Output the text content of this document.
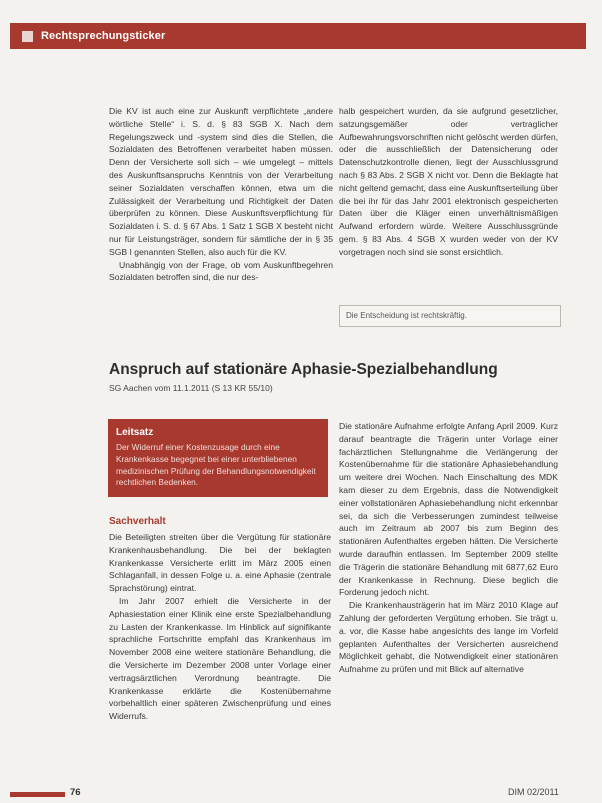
Rechtsprechungsticker

Die KV ist auch eine zur Auskunft verpflichtete „andere wörtliche Stelle“ i. S. d. § 83 SGB X. Nach dem Regelungszweck und -system sind dies die Stellen, die Sozialdaten des Betroffenen verarbeitet haben müssen. Denn der Versicherte soll sich – wie umgelegt – mittels des Auskunftsanspruchs Kenntnis von der Verarbeitung seiner Sozialdaten verschaffen können, etwa um die Zulässigkeit der Verarbeitung und Richtigkeit der Daten überprüfen zu können. Diese Auskunftsverpflichtung für Sozialdaten i. S. d. § 67 Abs. 1 Satz 1 SGB X besteht nicht nur für Leistungsträger, sondern für sämtliche der in § 35 SGB I genannten Stellen, also auch für die KV.

Unabhängig von der Frage, ob vom Auskunftbegehren Sozialdaten betroffen sind, die nur des-

halb gespeichert wurden, da sie aufgrund gesetzlicher, satzungsgemäßer oder vertraglicher Aufbewahrungsvorschriften nicht gelöscht werden dürfen, oder die ausschließlich der Datensicherung oder Datenschutzkontrolle dienen, liegt der Ausschlussgrund nach § 83 Abs. 2 SGB X nicht vor. Denn die Beklagte hat nicht geltend gemacht, dass eine Auskunftserteilung über die bei ihr für das Jahr 2001 elektronisch gespeicherten Daten über die Kläger einen unverhältnismäßigen Aufwand erfordern würde. Weitere Ausschlussgründe gem. § 83 Abs. 4 SGB X wurden weder von der KV vorgetragen noch sind sie sonst ersichtlich.

Die Entscheidung ist rechtskräftig.
Anspruch auf stationäre Aphasie-Spezialbehandlung
SG Aachen vom 11.1.2011 (S 13 KR 55/10)
Leitsatz

Der Widerruf einer Kostenzusage durch eine Krankenkasse begegnet bei einer unterbliebenen medizinischen Prüfung der Behandlungsnotwendigkeit rechtlichen Bedenken.

Sachverhalt

Die Beteiligten streiten über die Vergütung für stationäre Krankenhausbehandlung. Die bei der beklagten Krankenkasse Versicherte erlitt im März 2005 einen Schlaganfall, in dessen Folge u. a. eine Aphasie (zentrale Sprachstörung) eintrat.

Im Jahr 2007 erhielt die Versicherte in der Aphasiestation einer Klinik eine erste Spezialbehandlung zu Lasten der Krankenkasse. Im Hinblick auf signifikante sprachliche Fortschritte empfahl das Krankenhaus im November 2008 eine weitere stationäre Behandlung, die die Versicherte im Dezember 2008 unter Vorlage einer vertragsärztlichen Verordnung beantragte. Die Krankenkasse erklärte die Kostenübernahme vorbehaltlich einer späteren Zwischenprüfung und eines Widerrufs.

Die stationäre Aufnahme erfolgte Anfang April 2009. Kurz darauf beantragte die Trägerin unter Vorlage einer fachärztlichen Stellungnahme die Verlängerung der Kostenübernahme für die stationäre Aphasiebehandlung um weitere drei Wochen. Nach Einschaltung des MDK kam dieser zu dem Ergebnis, dass die Notwendigkeit einer vollstationären Aphasiebehandlung nicht erkennbar sei, da sich die Verbesserungen zumindest teilweise auch im Zeitraum ab 2007 bis zum Beginn des stationären Aufenthaltes ergeben hätten. Die Versicherte wurde daraufhin entlassen. Im September 2009 stellte die Trägerin die stationäre Behandlung mit 6877,62 Euro der Krankenkasse in Rechnung. Diese beglich die Forderung jedoch nicht.

Die Krankenhausträgerin hat im März 2010 Klage auf Zahlung der geforderten Vergütung erhoben. Sie trägt u. a. vor, die Kasse habe angesichts des lange im Vorfeld geplanten Aufenthaltes der Versicherten ausreichend Möglichkeit gehabt, die Notwendigkeit einer stationären Aufnahme zu prüfen und mit Blick auf alternative

76	DIM 02/2011
